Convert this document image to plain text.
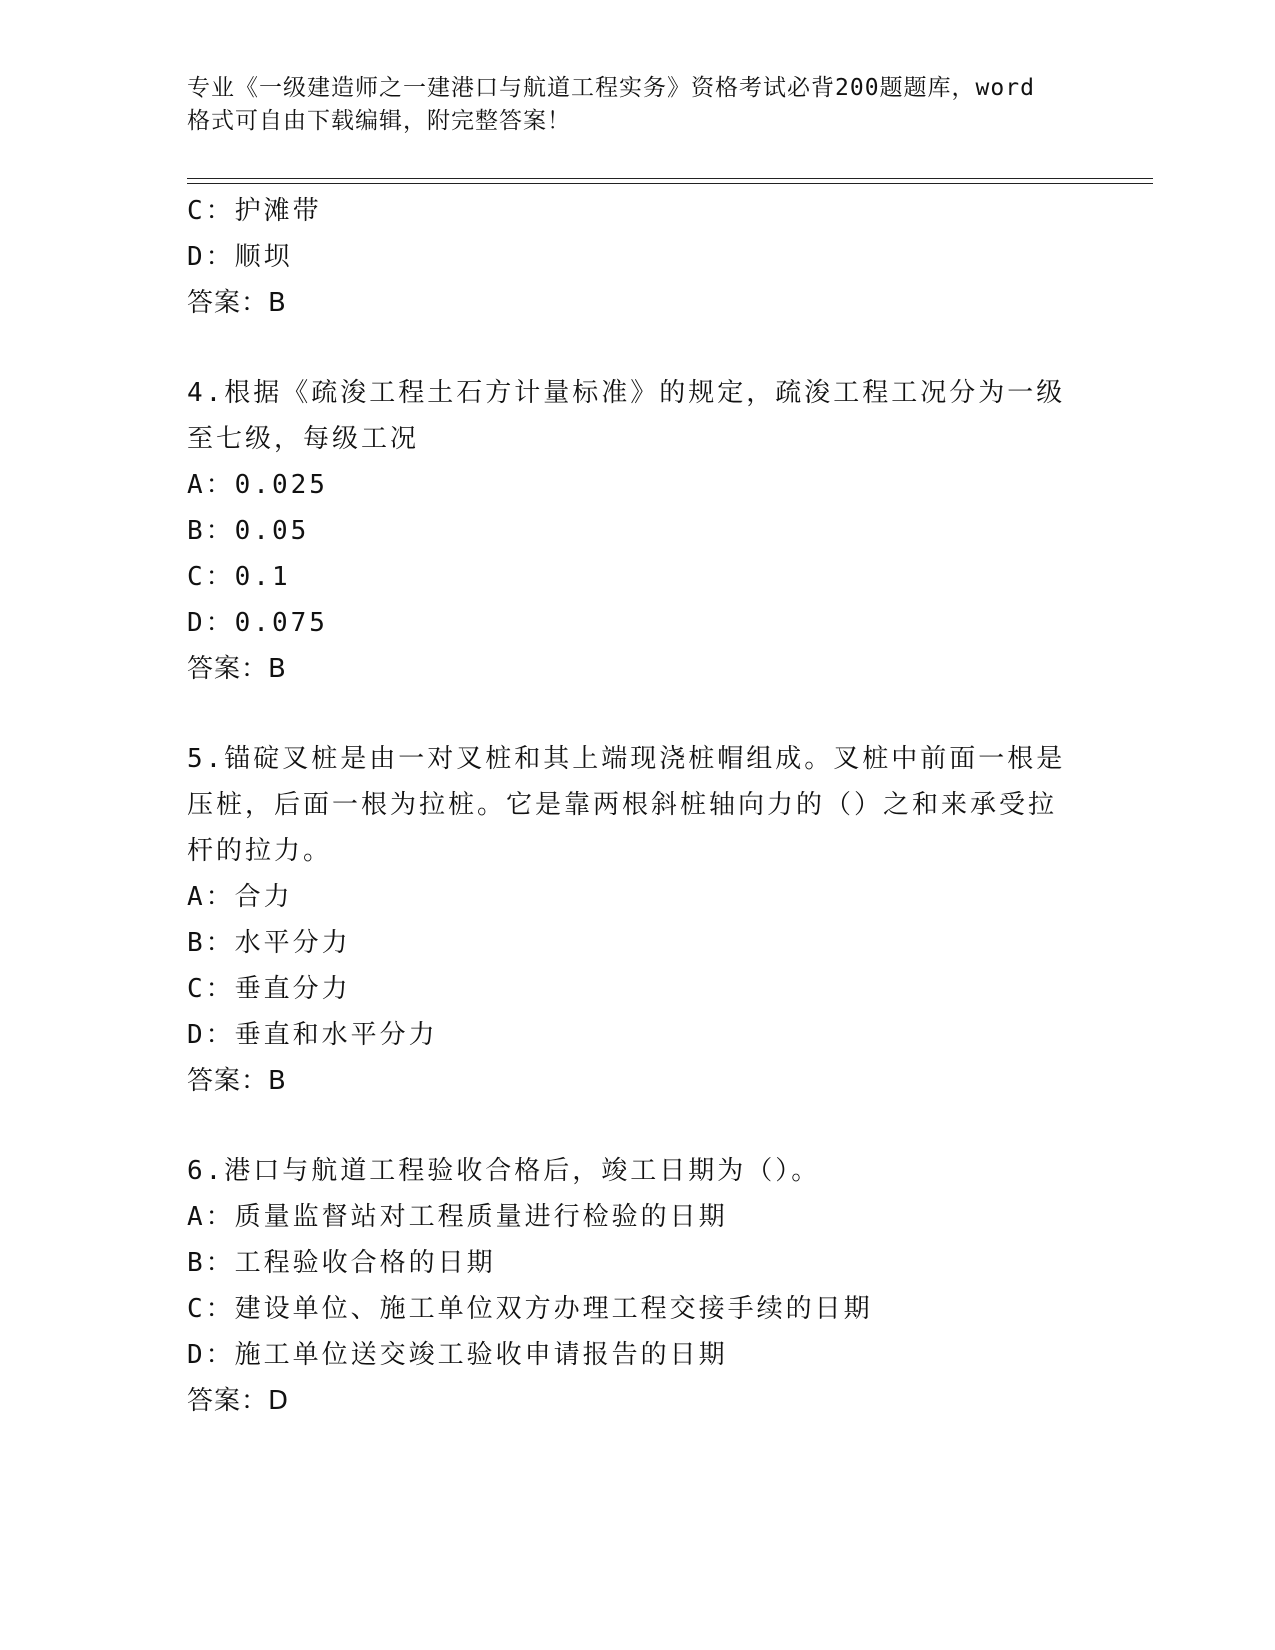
专业《一级建造师之一建港口与航道工程实务》资格考试必背200题题库，word
格式可自由下载编辑，附完整答案！
C：护滩带
D：顺坝
答案：B
4.根据《疏浚工程土石方计量标准》的规定，疏浚工程工况分为一级
至七级，每级工况
A：0.025
B：0.05
C：0.1
D：0.075
答案：B
5.锚碇叉桩是由一对叉桩和其上端现浇桩帽组成。叉桩中前面一根是
压桩，后面一根为拉桩。它是靠两根斜桩轴向力的（）之和来承受拉
杆的拉力。
A：合力
B：水平分力
C：垂直分力
D：垂直和水平分力
答案：B
6.港口与航道工程验收合格后，竣工日期为（）。
A：质量监督站对工程质量进行检验的日期
B：工程验收合格的日期
C：建设单位、施工单位双方办理工程交接手续的日期
D：施工单位送交竣工验收申请报告的日期
答案：D
